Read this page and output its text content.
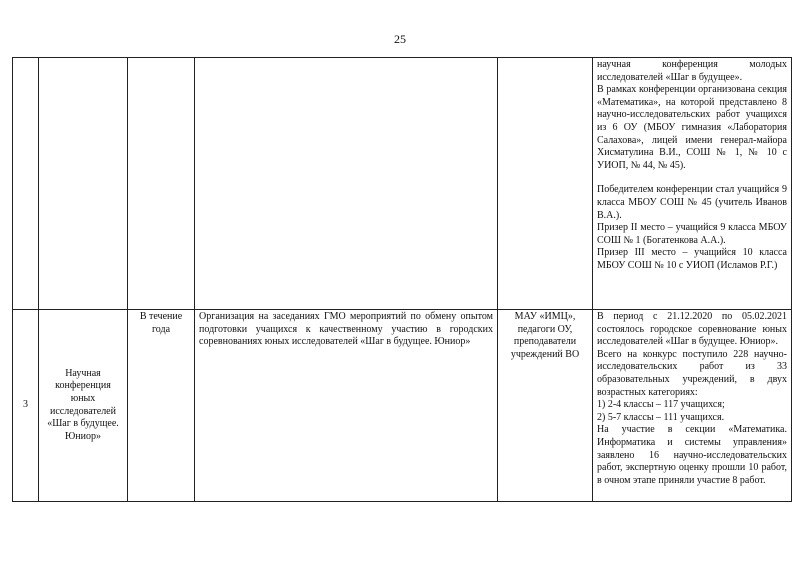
25

					научная конференция молодых исследователей «Шаг в будущее».

В рамках конференции организована секция «Математика», на которой представлено 8 научно-исследовательских работ учащихся из 6 ОУ (МБОУ гимназия «Лаборатория Салахова», лицей имени генерал-майора Хисматулина В.И., СОШ № 1, № 10 с УИОП, № 44, № 45).

Победителем конференции стал учащийся 9 класса МБОУ СОШ № 45 (учитель Иванов В.А.).

Призер II место – учащийся 9 класса МБОУ СОШ № 1 (Богатенкова А.А.).

Призер III место – учащийся 10 класса МБОУ СОШ № 10 с УИОП (Исламов Р.Г.)

3	Научная конференция юных исследователей «Шаг в будущее. Юниор»	В течение года	Организация на заседаниях ГМО мероприятий по обмену опытом подготовки учащихся к качественному участию в городских соревнованиях юных исследователей «Шаг в будущее. Юниор»	МАУ «ИМЦ», педагоги ОУ, преподаватели учреждений ВО	В период с 21.12.2020 по 05.02.2021 состоялось городское соревнование юных исследователей «Шаг в будущее. Юниор».

Всего на конкурс поступило 228 научно-исследовательских работ из 33 образовательных учреждений, в двух возрастных категориях:

1) 2-4 классы – 117 учащихся;

2) 5-7 классы – 111 учащихся.

На участие в секции «Математика. Информатика и системы управления» заявлено 16 научно-исследовательских работ, экспертную оценку прошли 10 работ, в очном этапе приняли участие 8 работ.
